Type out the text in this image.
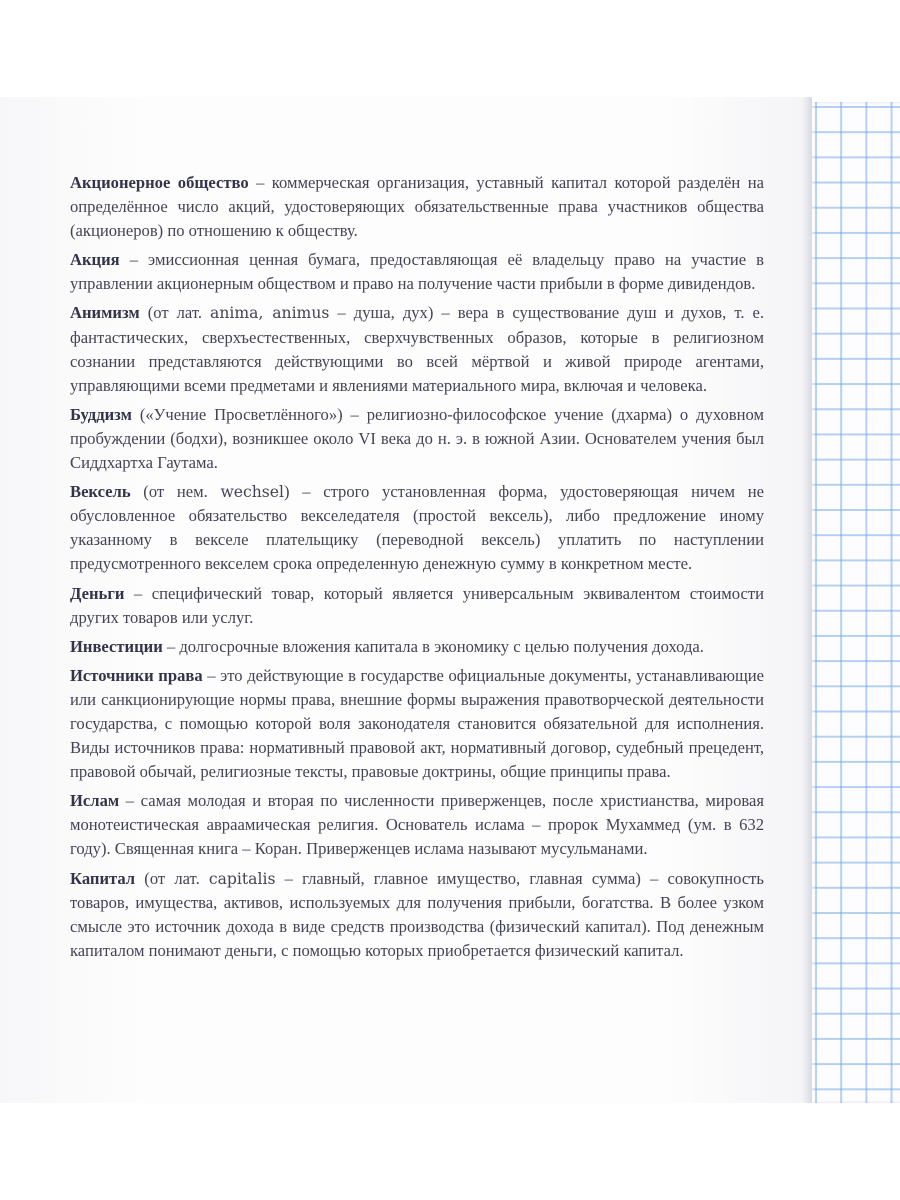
Акционерное общество – коммерческая организация, уставный капитал которой разделён на определённое число акций, удостоверяющих обязательственные права участников общества (акционеров) по отношению к обществу.

Акция – эмиссионная ценная бумага, предоставляющая её владельцу право на участие в управлении акционерным обществом и право на получение части прибыли в форме дивидендов.

Анимизм (от лат. anima, animus – душа, дух) – вера в существование душ и духов, т. е. фантастических, сверхъестественных, сверхчувственных образов, которые в религиозном сознании представляются действующими во всей мёртвой и живой природе агентами, управляющими всеми предметами и явлениями материального мира, включая и человека.

Буддизм («Учение Просветлённого») – религиозно-философское учение (дхарма) о духовном пробуждении (бодхи), возникшее около VI века до н. э. в южной Азии. Основателем учения был Сиддхартха Гаутама.

Вексель (от нем. wechsel) – строго установленная форма, удостоверяющая ничем не обусловленное обязательство векселедателя (простой вексель), либо предложение иному указанному в векселе плательщику (переводной вексель) уплатить по наступлении предусмотренного векселем срока определенную денежную сумму в конкретном месте.

Деньги – специфический товар, который является универсальным эквивалентом стоимости других товаров или услуг.

Инвестиции – долгосрочные вложения капитала в экономику с целью получения дохода.

Источники права – это действующие в государстве официальные документы, устанавливающие или санкционирующие нормы права, внешние формы выражения правотворческой деятельности государства, с помощью которой воля законодателя становится обязательной для исполнения. Виды источников права: нормативный правовой акт, нормативный договор, судебный прецедент, правовой обычай, религиозные тексты, правовые доктрины, общие принципы права.

Ислам – самая молодая и вторая по численности приверженцев, после христианства, мировая монотеистическая авраамическая религия. Основатель ислама – пророк Мухаммед (ум. в 632 году). Священная книга – Коран. Приверженцев ислама называют мусульманами.

Капитал (от лат. capitalis – главный, главное имущество, главная сумма) – совокупность товаров, имущества, активов, используемых для получения прибыли, богатства. В более узком смысле это источник дохода в виде средств производства (физический капитал). Под денежным капиталом понимают деньги, с помощью которых приобретается физический капитал.
